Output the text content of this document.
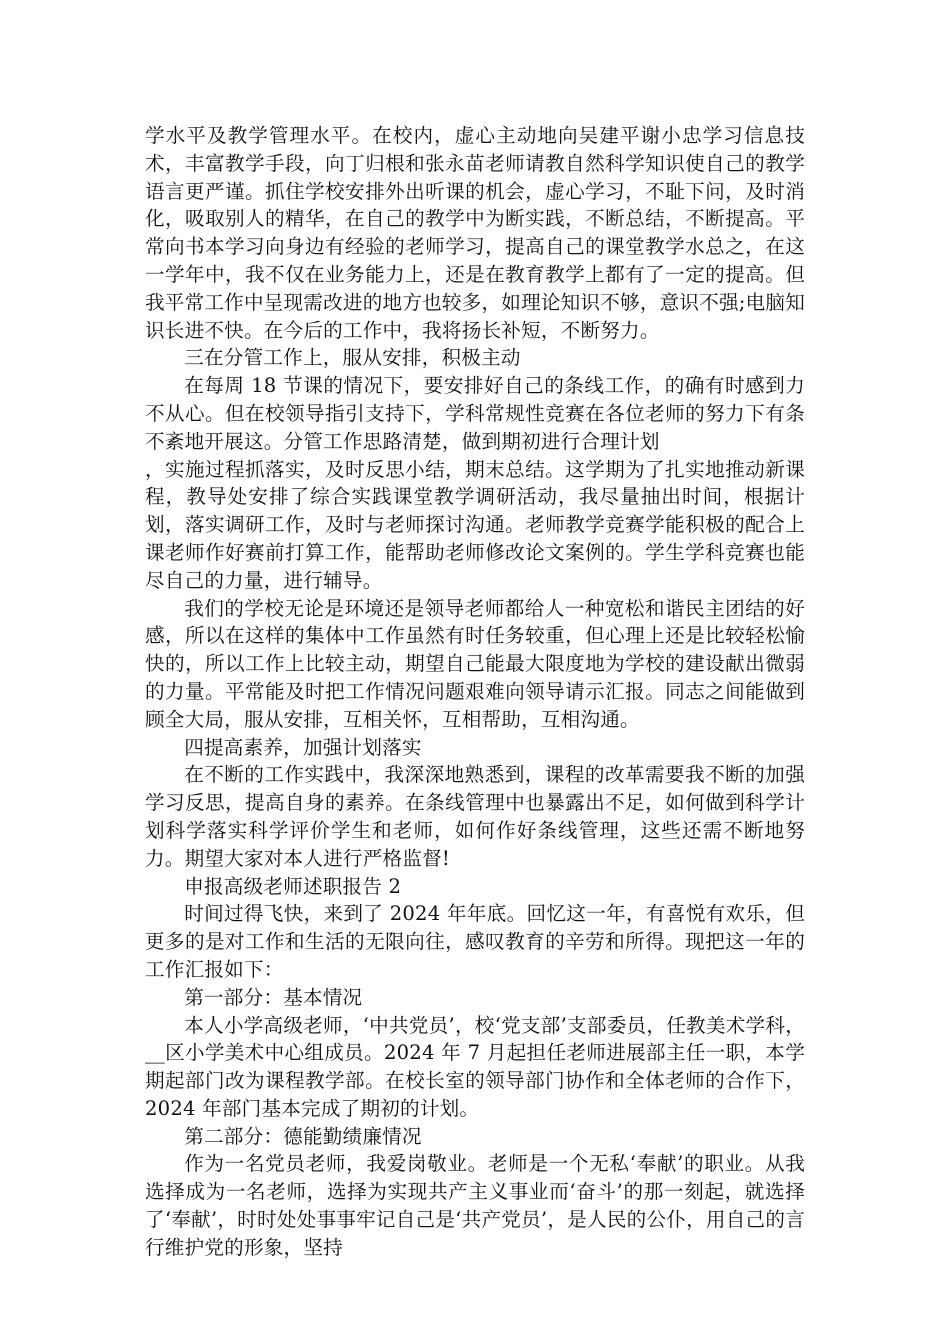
学水平及教学管理水平。在校内，虚心主动地向吴建平谢小忠学习信息技术，丰富教学手段，向丁归根和张永苗老师请教自然科学知识使自己的教学语言更严谨。抓住学校安排外出听课的机会，虚心学习，不耻下问，及时消化，吸取别人的精华，在自己的教学中为断实践，不断总结，不断提高。平常向书本学习向身边有经验的老师学习，提高自己的课堂教学水总之，在这一学年中，我不仅在业务能力上，还是在教育教学上都有了一定的提高。但我平常工作中呈现需改进的地方也较多，如理论知识不够，意识不强;电脑知识长进不快。在今后的工作中，我将扬长补短，不断努力。

三在分管工作上，服从安排，积极主动

在每周 18 节课的情况下，要安排好自己的条线工作，的确有时感到力不从心。但在校领导指引支持下，学科常规性竞赛在各位老师的努力下有条不紊地开展这。分管工作思路清楚，做到期初进行合理计划

，实施过程抓落实，及时反思小结，期末总结。这学期为了扎实地推动新课程，教导处安排了综合实践课堂教学调研活动，我尽量抽出时间，根据计划，落实调研工作，及时与老师探讨沟通。老师教学竞赛学能积极的配合上课老师作好赛前打算工作，能帮助老师修改论文案例的。学生学科竞赛也能尽自己的力量，进行辅导。

我们的学校无论是环境还是领导老师都给人一种宽松和谐民主团结的好感，所以在这样的集体中工作虽然有时任务较重，但心理上还是比较轻松愉快的，所以工作上比较主动，期望自己能最大限度地为学校的建设献出微弱的力量。平常能及时把工作情况问题艰难向领导请示汇报。同志之间能做到顾全大局，服从安排，互相关怀，互相帮助，互相沟通。

四提高素养，加强计划落实

在不断的工作实践中，我深深地熟悉到，课程的改革需要我不断的加强学习反思，提高自身的素养。在条线管理中也暴露出不足，如何做到科学计划科学落实科学评价学生和老师，如何作好条线管理，这些还需不断地努力。期望大家对本人进行严格监督!

申报高级老师述职报告 2

时间过得飞快，来到了 2024 年年底。回忆这一年，有喜悦有欢乐，但更多的是对工作和生活的无限向往，感叹教育的辛劳和所得。现把这一年的工作汇报如下：

第一部分：基本情况

本人小学高级老师，‘中共党员’，校‘党支部’支部委员，任教美术学科，__区小学美术中心组成员。2024 年 7 月起担任老师进展部主任一职，本学期起部门改为课程教学部。在校长室的领导部门协作和全体老师的合作下，2024 年部门基本完成了期初的计划。

第二部分：德能勤绩廉情况

作为一名党员老师，我爱岗敬业。老师是一个无私‘奉献’的职业。从我选择成为一名老师，选择为实现共产主义事业而‘奋斗’的那一刻起，就选择了‘奉献’，时时处处事事牢记自己是‘共产党员’，是人民的公仆，用自己的言行维护党的形象，坚持
